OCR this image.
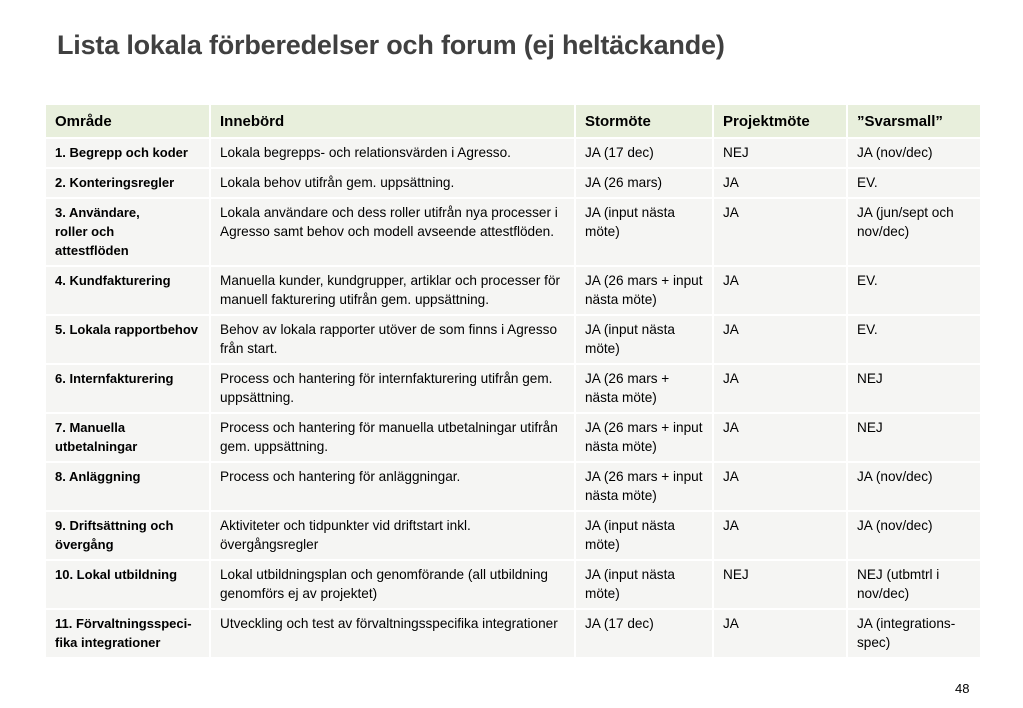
Lista lokala förberedelser och forum (ej heltäckande)
Område	Innebörd	Stormöte	Projektmöte	”Svarsmall”
1. Begrepp och koder	Lokala begrepps- och relationsvärden i Agresso.	JA (17 dec)	NEJ	JA (nov/dec)
2. Konteringsregler	Lokala behov utifrån gem. uppsättning.	JA (26 mars)	JA	EV.
3. Användare,
roller och
attestflöden	Lokala användare och dess roller utifrån nya processer i Agresso samt behov och modell avseende attestflöden.	JA (input nästa möte)	JA	JA (jun/sept och nov/dec)
4. Kundfakturering	Manuella kunder, kundgrupper, artiklar och processer för manuell fakturering utifrån gem. uppsättning.	JA (26 mars + input nästa möte)	JA	EV.
5. Lokala rapportbehov	Behov av lokala rapporter utöver de som finns i Agresso från start.	JA (input nästa möte)	JA	EV.
6. Internfakturering	Process och hantering för internfakturering utifrån gem. uppsättning.	JA (26 mars + nästa möte)	JA	NEJ
7. Manuella utbetalningar	Process och hantering för manuella utbetalningar utifrån gem. uppsättning.	JA (26 mars + input nästa möte)	JA	NEJ
8. Anläggning	Process och hantering för anläggningar.	JA (26 mars + input nästa möte)	JA	JA (nov/dec)
9. Driftsättning och övergång	Aktiviteter och tidpunkter vid driftstart inkl. övergångsregler	JA (input nästa möte)	JA	JA (nov/dec)
10. Lokal utbildning	Lokal utbildningsplan och genomförande (all utbildning genomförs ej av projektet)	JA (input nästa möte)	NEJ	NEJ (utbmtrl i nov/dec)
11. Förvaltningsspeci-
fika integrationer	Utveckling och test av förvaltningsspecifika integrationer	JA (17 dec)	JA	JA (integrations-
spec)
48
